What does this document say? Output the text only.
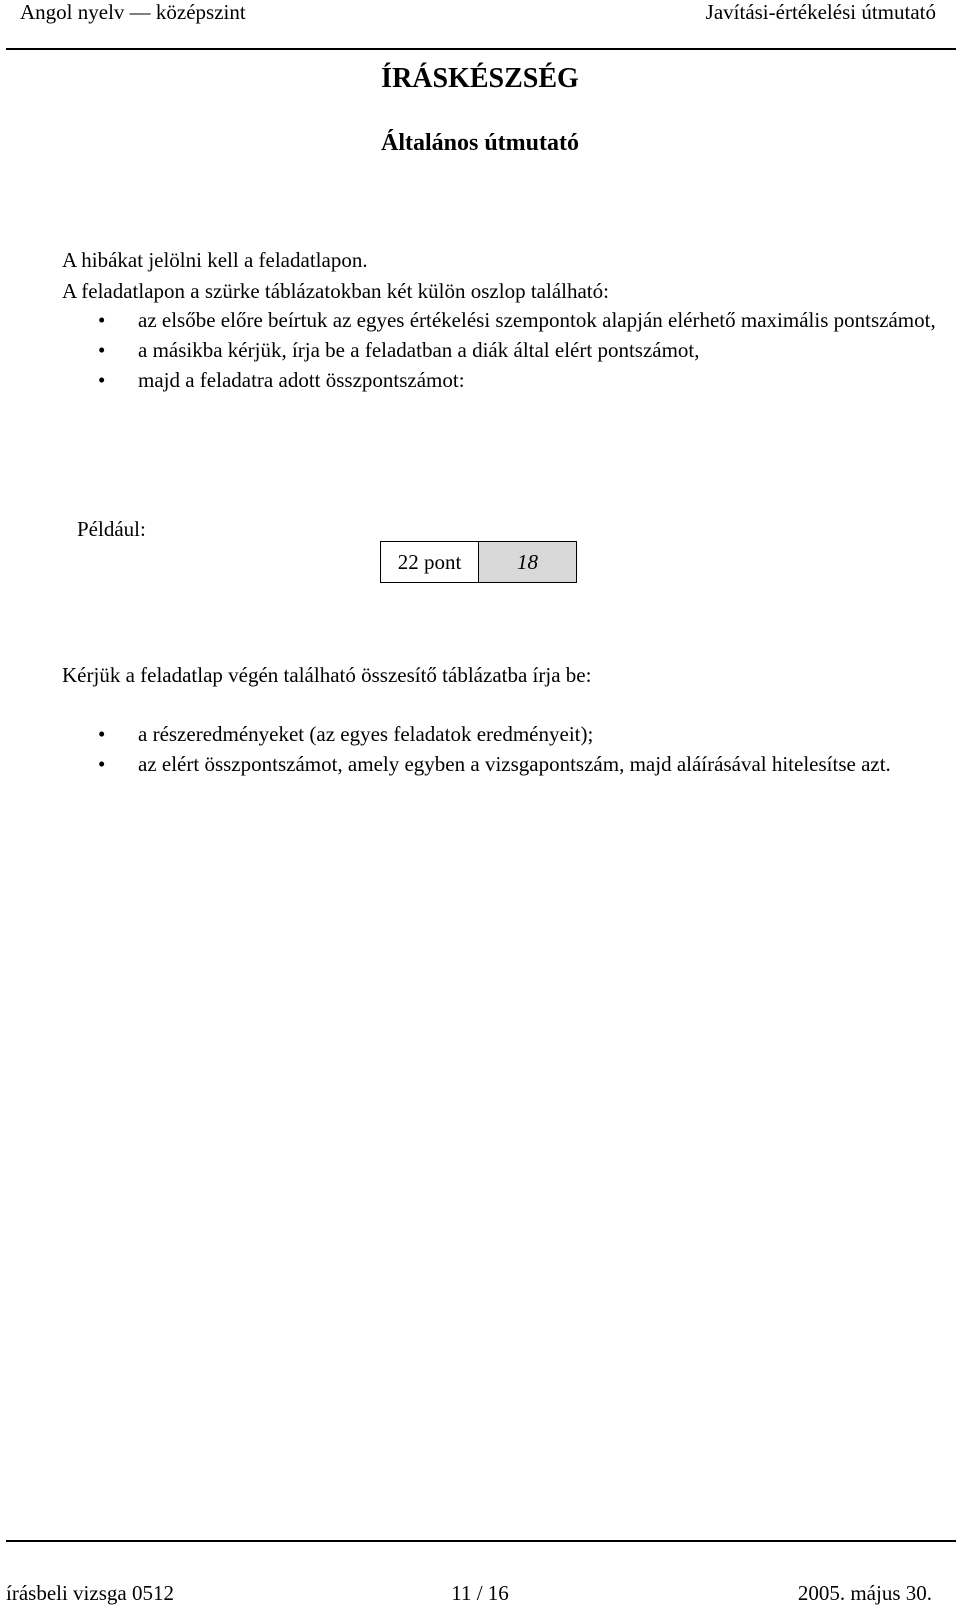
Angol nyelv — középszint	Javítási-értékelési útmutató
ÍRÁSKÉSZSÉG
Általános útmutató
A hibákat jelölni kell a feladatlapon.
A feladatlapon a szürke táblázatokban két külön oszlop található:
•	az elsőbe előre beírtuk az egyes értékelési szempontok alapján elérhető maximális pontszámot,
•	a másikba kérjük, írja be a feladatban a diák által elért pontszámot,
•	majd a feladatra adott összpontszámot:
Például:
22 pont	18
Kérjük a feladatlap végén található összesítő táblázatba írja be:
•	a részeredményeket (az egyes feladatok eredményeit);
•	az elért összpontszámot, amely egyben a vizsgapontszám, majd aláírásával hitelesítse azt.
írásbeli vizsga 0512	11 / 16	2005. május 30.
